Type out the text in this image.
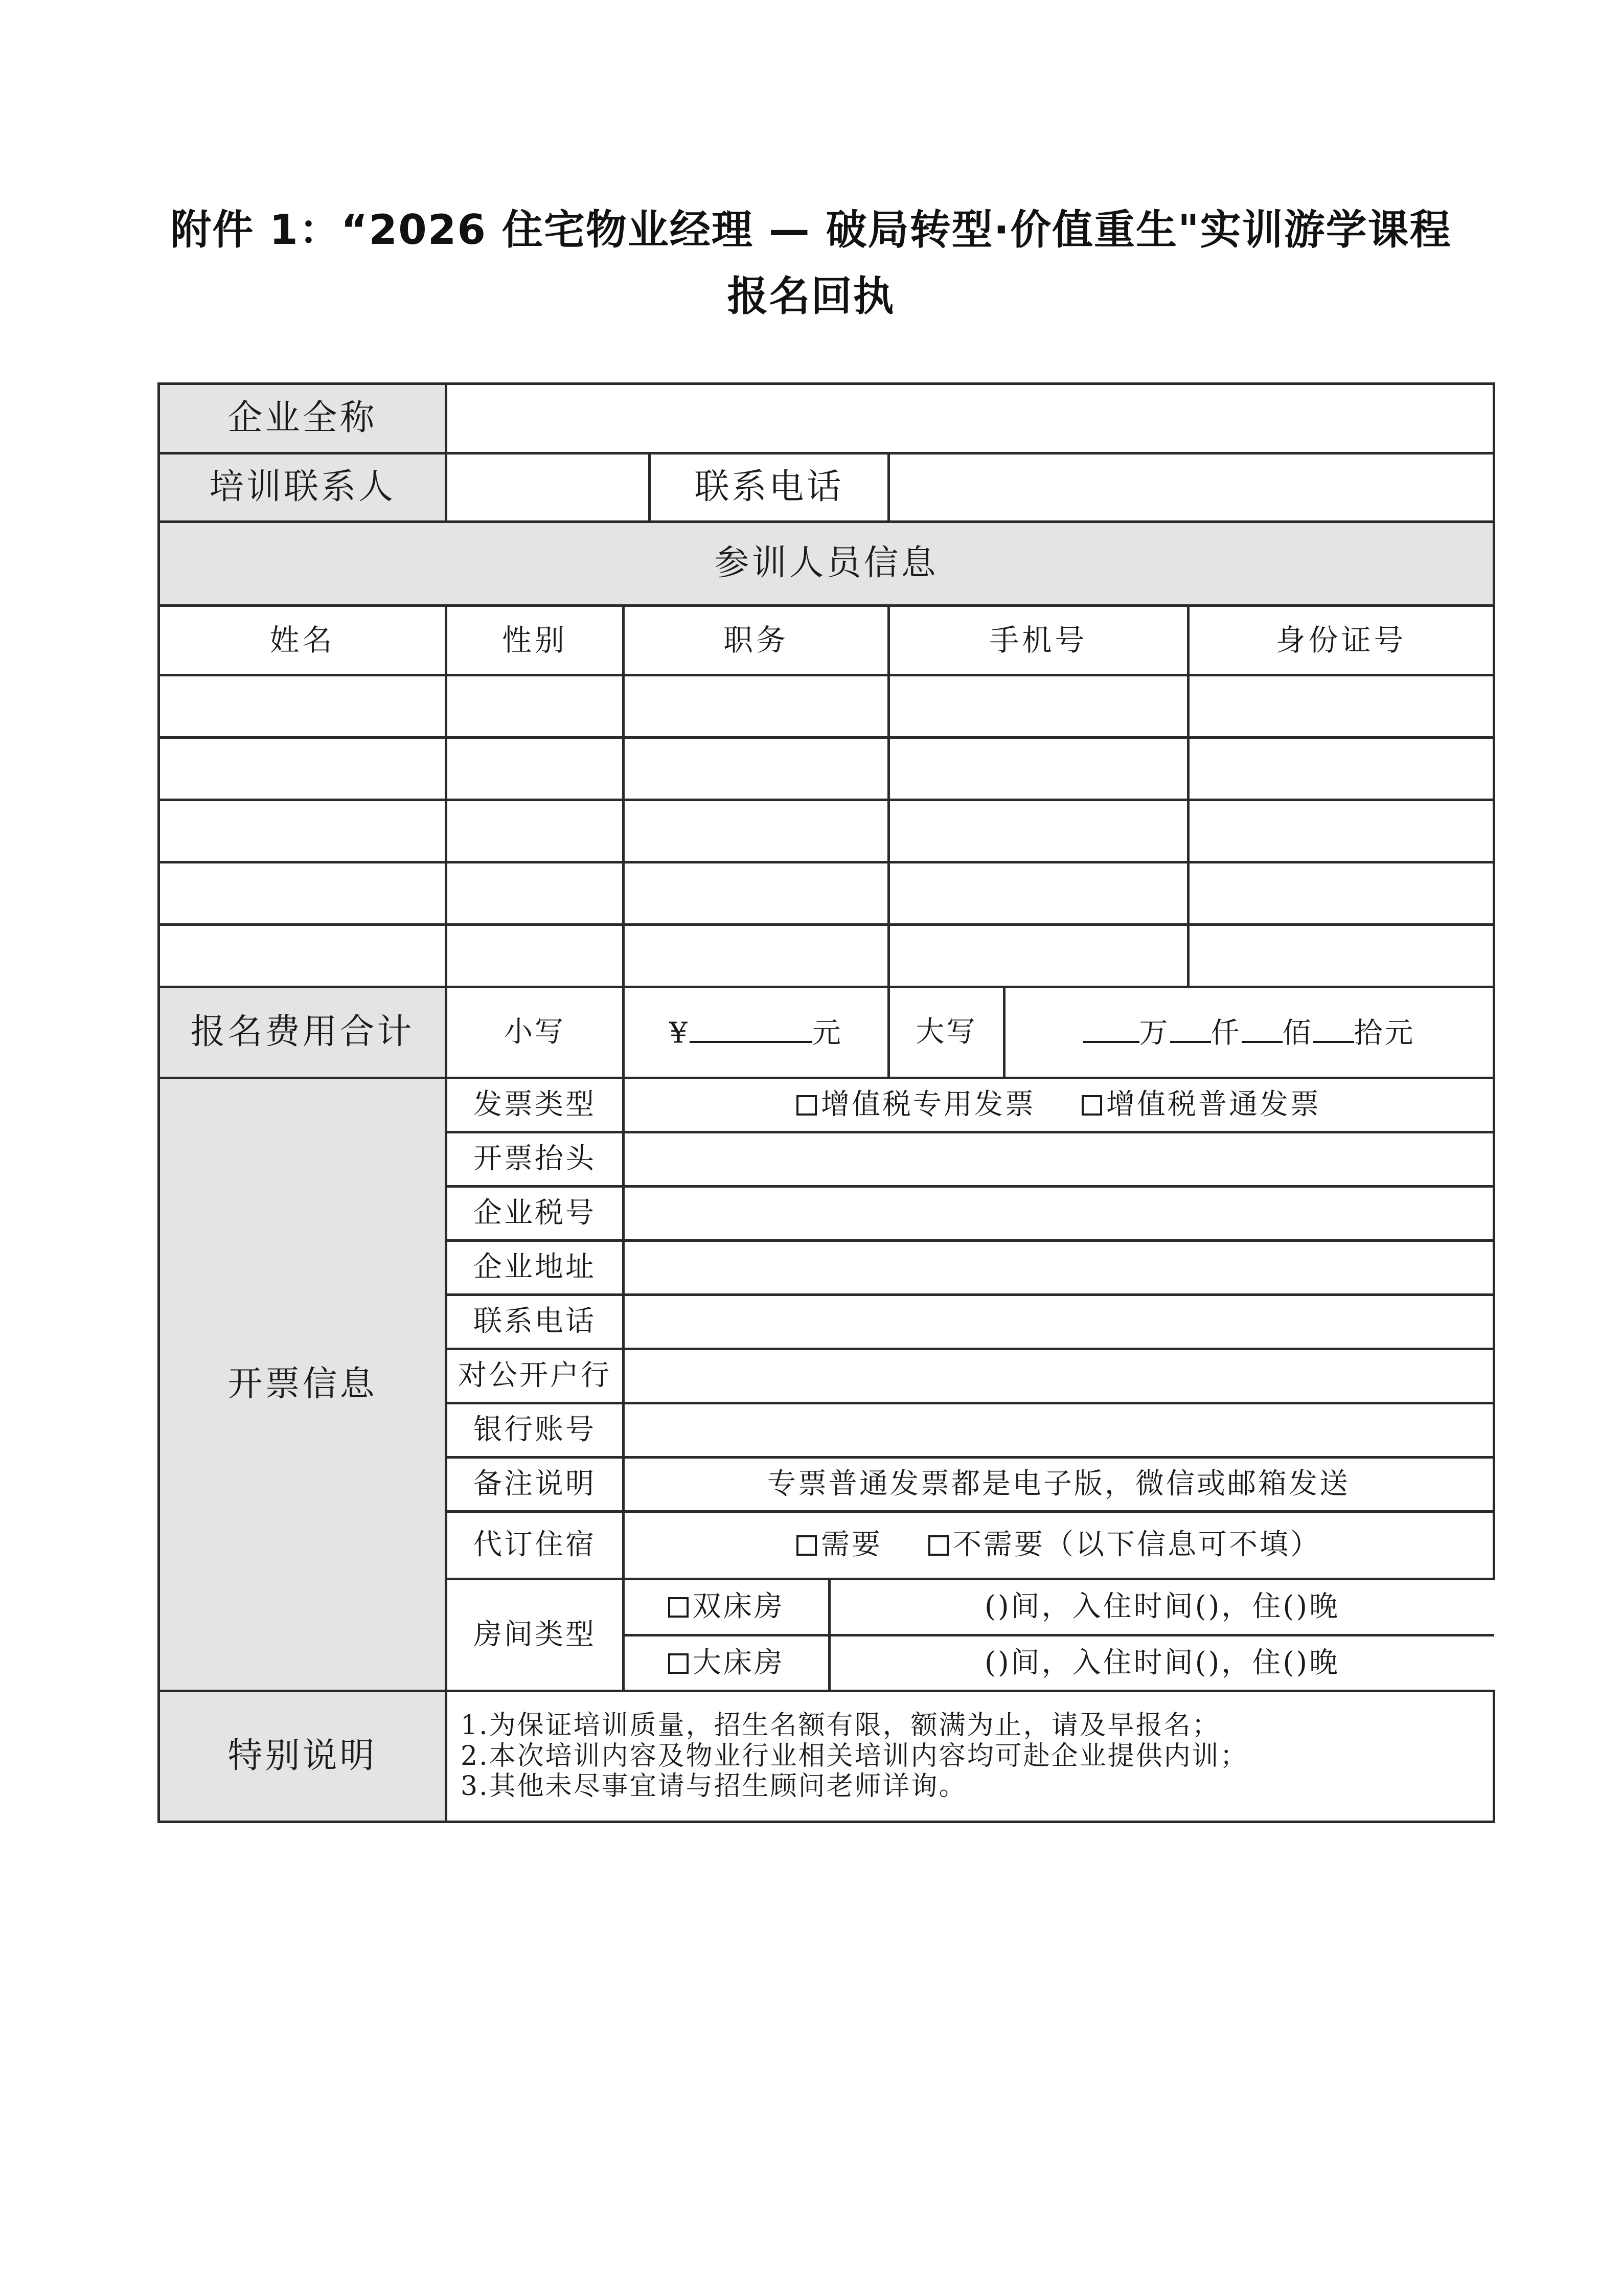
附件 1：“2026 住宅物业经理 — 破局转型·价值重生"实训游学课程
报名回执
企业全称	
培训联系人		联系电话	
参训人员信息
姓名	性别	职务	手机号	身份证号

报名费用合计	小写	¥	元	大写	万 仟 佰 拾元
开票信息	发票类型	增值税专用发票 增值税普通发票
开票抬头	
企业税号	
企业地址	
联系电话	
对公开户行	
银行账号	
备注说明	专票普通发票都是电子版，微信或邮箱发送
代订住宿	需要 不需要（以下信息可不填）
房间类型	
双床房	()间，入住时间()，住()晚
大床房	()间，入住时间()，住()晚

特别说明	
1.为保证培训质量，招生名额有限，额满为止，请及早报名；
2.本次培训内容及物业行业相关培训内容均可赴企业提供内训；
3.其他未尽事宜请与招生顾问老师详询。
